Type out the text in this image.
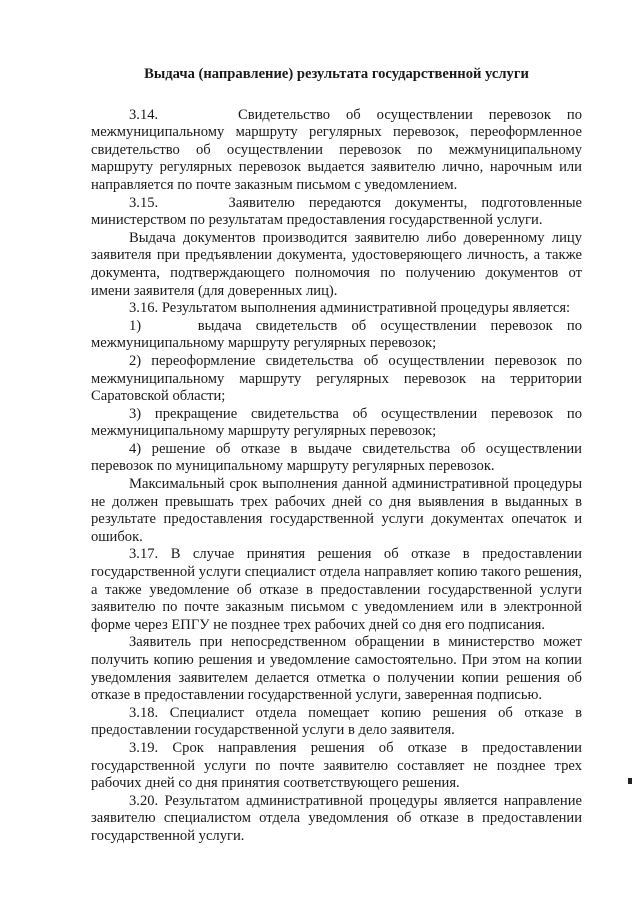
Выдача (направление) результата государственной услуги

3.14.     Свидетельство об осуществлении перевозок по межмуниципальному маршруту регулярных перевозок, переоформленное свидетельство об осуществлении перевозок по межмуниципальному маршруту регулярных перевозок выдается заявителю лично, нарочным или направляется по почте заказным письмом с уведомлением.

3.15.     Заявителю передаются документы, подготовленные министерством по результатам предоставления государственной услуги.

Выдача документов производится заявителю либо доверенному лицу заявителя при предъявлении документа, удостоверяющего личность, а также документа, подтверждающего полномочия по получению документов от имени заявителя (для доверенных лиц).

3.16. Результатом выполнения административной процедуры является:

1)    выдача свидетельств об осуществлении перевозок по межмуниципальному маршруту регулярных перевозок;

2) переоформление свидетельства об осуществлении перевозок по межмуниципальному маршруту регулярных перевозок на территории Саратовской области;

3) прекращение свидетельства об осуществлении перевозок по межмуниципальному маршруту регулярных перевозок;

4) решение об отказе в выдаче свидетельства об осуществлении перевозок по муниципальному маршруту регулярных перевозок.

Максимальный срок выполнения данной административной процедуры не должен превышать трех рабочих дней со дня выявления в выданных в результате предоставления государственной услуги документах опечаток и ошибок.

3.17. В случае принятия решения об отказе в предоставлении государственной услуги специалист отдела направляет копию такого решения, а также уведомление об отказе в предоставлении государственной услуги заявителю по почте заказным письмом с уведомлением или в электронной форме через ЕПГУ не позднее трех рабочих дней со дня его подписания.

Заявитель при непосредственном обращении в министерство может получить копию решения и уведомление самостоятельно. При этом на копии уведомления заявителем делается отметка о получении копии решения об отказе в предоставлении государственной услуги, заверенная подписью.

3.18. Специалист отдела помещает копию решения об отказе в предоставлении государственной услуги в дело заявителя.

3.19. Срок направления решения об отказе в предоставлении государственной услуги по почте заявителю составляет не позднее трех рабочих дней со дня принятия соответствующего решения.

3.20. Результатом административной процедуры является направление заявителю специалистом отдела уведомления об отказе в предоставлении государственной услуги.
